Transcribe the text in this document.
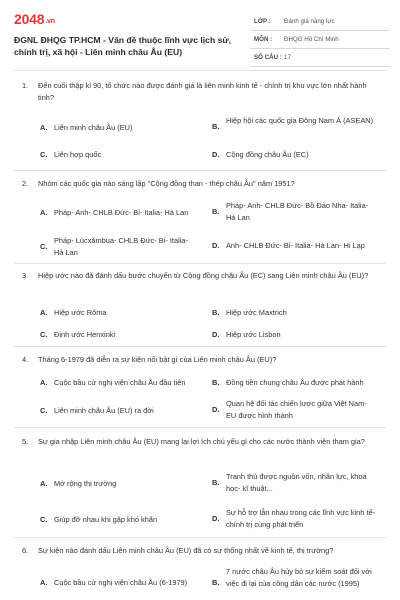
2048.vn
ĐGNL ĐHQG TP.HCM - Vấn đề thuộc lĩnh vực lịch sử, chính trị, xã hội - Liên minh châu Âu (EU)
LỚP : Đánh giá năng lực
MÔN : ĐHQG Hồ Chí Minh
SỐ CÂU : 17
1. Đến cuối thập kỉ 90, tổ chức nào được đánh giá là liên minh kinh tế - chính trị khu vực lớn nhất hành tinh?
A. Liên minh châu Âu (EU)	B.
Hiệp hội các quốc gia Đông Nam Á (ASEAN)
C. Liên hợp quốc	D. Cộng đồng châu Âu (EC)
2. Nhóm các quốc gia nào sáng lập "Cộng đồng than - thép châu Âu" năm 1951?
A. Pháp- Anh- CHLB Đức- Bỉ- Italia- Hà Lan	B.
Pháp- Anh- CHLB Đức- Bồ Đào Nha- Italia- Hà Lan
C.
Pháp- Lúcxămbua- CHLB Đức- Bỉ- Italia- Hà Lan
D. Anh- CHLB Đức- Bỉ- Italia- Hà Lan- Hi Lạp
3. Hiệp ước nào đã đánh dấu bước chuyển từ Cộng đồng châu Âu (EC) sang Liên minh châu Âu (EU)?
A. Hiệp ước Rôma	B. Hiệp ước Maxtrich
C. Định ước Henxinki	D. Hiệp ước Lisbon
4. Tháng 6-1979 đã diễn ra sự kiện nổi bật gì của Liên minh châu Âu (EU)?
A. Cuộc bầu cử nghị viện châu Âu đầu tiên	B. Đồng tiền chung châu Âu được phát hành
C. Liên minh châu Âu (EU) ra đời	D.
Quan hệ đối tác chiến lược giữa Việt Nam- EU được hình thành
5. Sự gia nhập Liên minh châu Âu (EU) mang lại lợi ích chủ yếu gì cho các nước thành viên tham gia?
A. Mở rộng thị trường	B.
Tranh thủ được nguồn vốn, nhân lực, khoa học- kĩ thuật...
C. Giúp đỡ nhau khi gặp khó khăn	D.
Sự hỗ trợ lẫn nhau trong các lĩnh vực kinh tế- chính trị cùng phát triển
6. Sự kiện nào đánh dấu Liên minh châu Âu (EU) đã có sự thống nhất về kinh tế, thị trường?
A. Cuộc bầu cử nghị viện châu Âu (6-1979)	B.
7 nước châu Âu hủy bỏ sự kiểm soát đối với việc đi lại của công dân các nước (1995)
